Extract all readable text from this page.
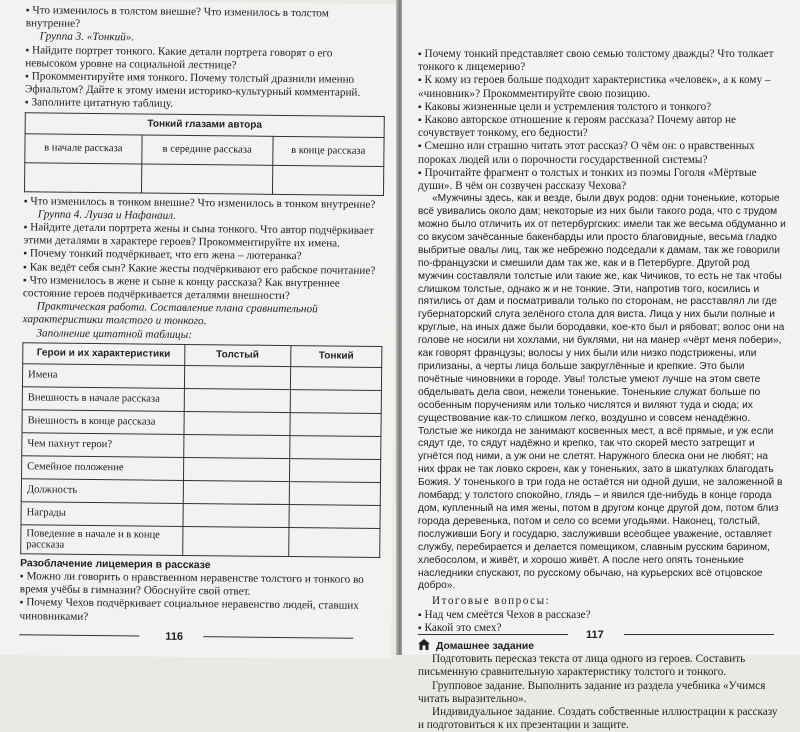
▪ Что изменилось в толстом внешне? Что изменилось в толстом внутренне?

Группа 3. «Тонкий».

▪ Найдите портрет тонкого. Какие детали портрета говорят о его невысоком уровне на социальной лестнице?

▪ Прокомментируйте имя тонкого. Почему толстый дразнили именно Эфиальтом? Дайте к этому имени историко-культурный комментарий.

▪ Заполните цитатную таблицу.

Тонкий глазами автора		
в начале рассказа	в середине рассказа	в конце рассказа

▪ Что изменилось в тонком внешне? Что изменилось в тонком внутренне?

Группа 4. Луиза и Нафанаил.

▪ Найдите детали портрета жены и сына тонкого. Что автор подчёркивает этими деталями в характере героев? Прокомментируйте их имена.

▪ Почему тонкий подчёркивает, что его жена – лютеранка?

▪ Как ведёт себя сын? Какие жесты подчёркивают его рабское почитание?

▪ Что изменилось в жене и сыне к концу рассказа? Как внутреннее состояние героев подчёркивается деталями внешности?

Практическая работа. Составление плана сравнительной характеристики толстого и тонкого.

Заполнение цитатной таблицы:

Герои и их характеристики	Толстый	Тонкий
Имена		
Внешность в начале рассказа		
Внешность в конце рассказа		
Чем пахнут герои?		
Семейное положение		
Должность		
Награды		
Поведение в начале и в конце рассказа		

Разоблачение лицемерия в рассказе

▪ Можно ли говорить о нравственном неравенстве толстого и тонкого во время учёбы в гимназии? Обоснуйте свой ответ.

▪ Почему Чехов подчёркивает социальное неравенство людей, ставших чиновниками?

116

▪ Почему тонкий представляет свою семью толстому дважды? Что толкает тонкого к лицемерию?

▪ К кому из героев больше подходит характеристика «человек», а к кому – «чиновник»? Прокомментируйте свою позицию.

▪ Каковы жизненные цели и устремления толстого и тонкого?

▪ Каково авторское отношение к героям рассказа? Почему автор не сочувствует тонкому, его бедности?

▪ Смешно или страшно читать этот рассказ? О чём он: о нравственных пороках людей или о порочности государственной системы?

▪ Прочитайте фрагмент о толстых и тонких из поэмы Гоголя «Мёртвые души». В чём он созвучен рассказу Чехова?

«Мужчины здесь, как и везде, были двух родов: одни тоненькие, которые всё увивались около дам; некоторые из них были такого рода, что с трудом можно было отличить их от петербургских: имели так же весьма обдуманно и со вкусом зачёсанные бакенбарды или просто благовидные, весьма гладко выбритые овалы лиц, так же небрежно подседали к дамам, так же говорили по-французски и смешили дам так же, как и в Петербурге. Другой род мужчин составляли толстые или такие же, как Чичиков, то есть не так чтобы слишком толстые, однако ж и не тонкие. Эти, напротив того, косились и пятились от дам и посматривали только по сторонам, не расставлял ли где губернаторский слуга зелёного стола для виста. Лица у них были полные и круглые, на иных даже были бородавки, кое-кто был и рябоват; волос они на голове не носили ни хохлами, ни буклями, ни на манер «чёрт меня побери», как говорят французы; волосы у них были или низко подстрижены, или прилизаны, а черты лица больше закруглённые и крепкие. Это были почётные чиновники в городе. Увы! толстые умеют лучше на этом свете обделывать дела свои, нежели тоненькие. Тоненькие служат больше по особенным поручениям или только числятся и виляют туда и сюда; их существование как-то слишком легко, воздушно и совсем ненадёжно. Толстые же никогда не занимают косвенных мест, а всё прямые, и уж если сядут где, то сядут надёжно и крепко, так что скорей место затрещит и угнётся под ними, а уж они не слетят. Наружного блеска они не любят; на них фрак не так ловко скроен, как у тоненьких, зато в шкатулках благодать Божия. У тоненького в три года не остаётся ни одной души, не заложенной в ломбард; у толстого спокойно, глядь – и явился где-нибудь в конце города дом, купленный на имя жены, потом в другом конце другой дом, потом близ города деревенька, потом и село со всеми угодьями. Наконец, толстый, послуживши Богу и государю, заслуживши всеобщее уважение, оставляет службу, перебирается и делается помещиком, славным русским барином, хлебосолом, и живёт, и хорошо живёт. А после него опять тоненькие наследники спускают, по русскому обычаю, на курьерских всё отцовское добро».

Итоговые вопросы:

▪ Над чем смеётся Чехов в рассказе?

▪ Какой это смех?

Домашнее задание

Подготовить пересказ текста от лица одного из героев. Составить письменную сравнительную характеристику толстого и тонкого.

Групповое задание. Выполнить задание из раздела учебника «Учимся читать выразительно».

Индивидуальное задание. Создать собственные иллюстрации к рассказу и подготовиться к их презентации и защите.

117
